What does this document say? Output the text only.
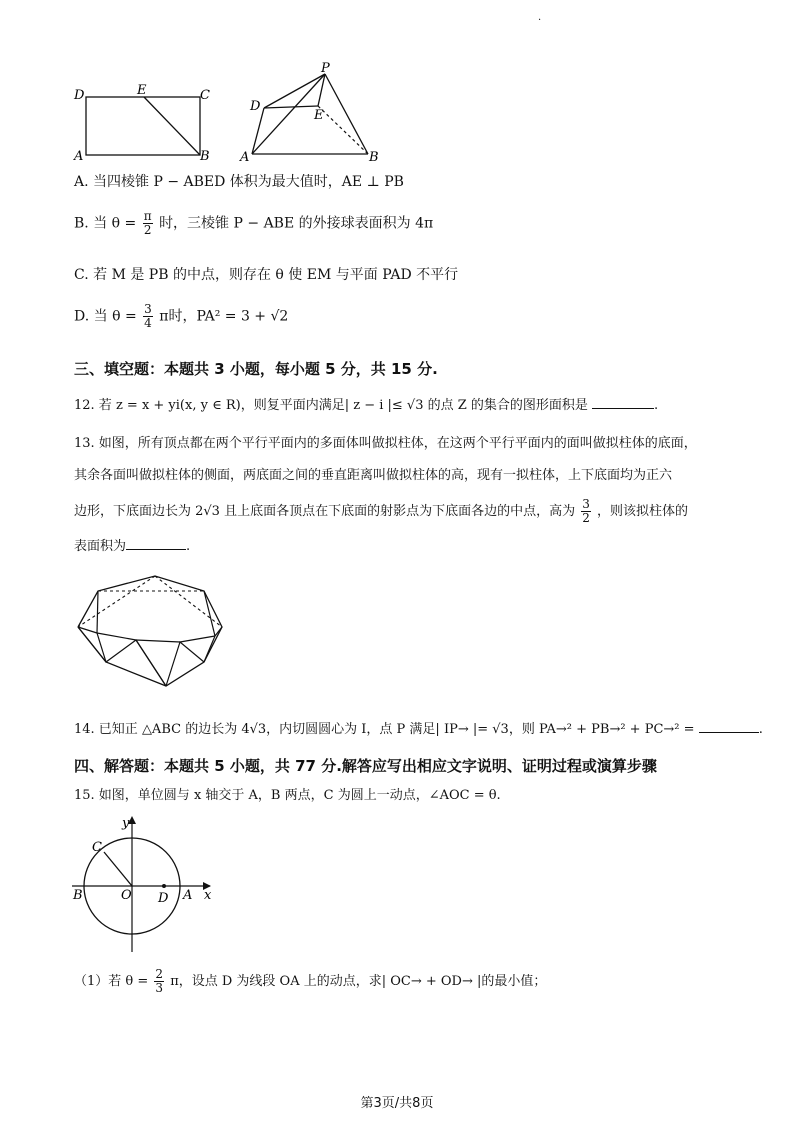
.
D	E	C
A	B
P
D
E
A	B
A. 当四棱锥 P − ABED 体积为最大值时，AE ⊥ PB
B. 当 $\theta = \frac{\pi}{2}$ 时，三棱锥 P − ABE 的外接球表面积为 4π
C. 若 M 是 PB 的中点，则存在 θ 使 EM 与平面 PAD 不平行
D. 当 $\theta = \frac{3}{4}$ π时，PA² = 3 + √2
三、填空题：本题共 3 小题，每小题 5 分，共 15 分.
12. 若 z = x + yi(x, y ∈ R)，则复平面内满足| z − i |≤ √3 的点 Z 的集合的图形面积是	.
13. 如图，所有顶点都在两个平行平面内的多面体叫做拟柱体，在这两个平行平面内的面叫做拟柱体的底面，
其余各面叫做拟柱体的侧面，两底面之间的垂直距离叫做拟柱体的高，现有一拟柱体，上下底面均为正六
边形，下底面边长为 2√3 且上底面各顶点在下底面的射影点为下底面各边的中点，高为 $\frac{3}{2}$ ，则该拟柱体的
表面积为	.
14. 已知正 △ABC 的边长为 4√3，内切圆圆心为 I，点 P 满足| IP→ |= √3，则 PA→² + PB→² + PC→² =	.
四、解答题：本题共 5 小题，共 77 分.解答应写出相应文字说明、证明过程或演算步骤
15. 如图，单位圆与 x 轴交于 A，B 两点，C 为圆上一动点，∠AOC = θ.
y
C
B	O D A x
（1）若 $\theta = \frac{2}{3}$ π，设点 D 为线段 OA 上的动点，求| OC→ + OD→ |的最小值；
第3页/共8页
